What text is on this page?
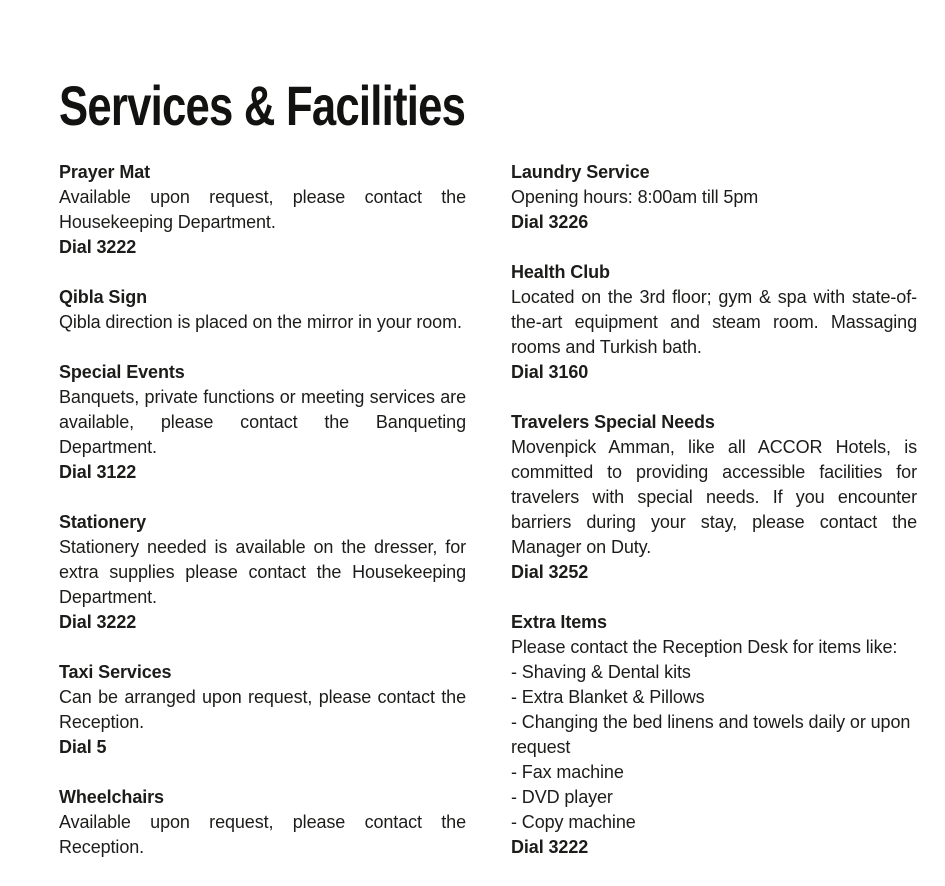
Services & Facilities
Prayer Mat

Available upon request, please contact the Housekeeping Department.

Dial 3222

Qibla Sign

Qibla direction is placed on the mirror in your room.

Special Events

Banquets, private functions or meeting services are available, please contact the Banqueting Department.

Dial 3122

Stationery

Stationery needed is available on the dresser, for extra supplies please contact the Housekeeping Department.

Dial 3222

Taxi Services

Can be arranged upon request, please contact the Reception.

Dial 5

Wheelchairs

Available upon request, please contact the Reception.

Laundry Service

Opening hours: 8:00am till 5pm

Dial 3226

Health Club

Located on the 3rd floor; gym & spa with state-of-the-art equipment and steam room. Massaging rooms and Turkish bath.

Dial 3160

Travelers Special Needs

Movenpick Amman, like all ACCOR Hotels, is committed to providing accessible facilities for travelers with special needs. If you encounter barriers during your stay, please contact the Manager on Duty.

Dial 3252

Extra Items

Please contact the Reception Desk for items like:

- Shaving & Dental kits

- Extra Blanket & Pillows

- Changing the bed linens and towels daily or upon request

- Fax machine

- DVD player

- Copy machine

Dial 3222
